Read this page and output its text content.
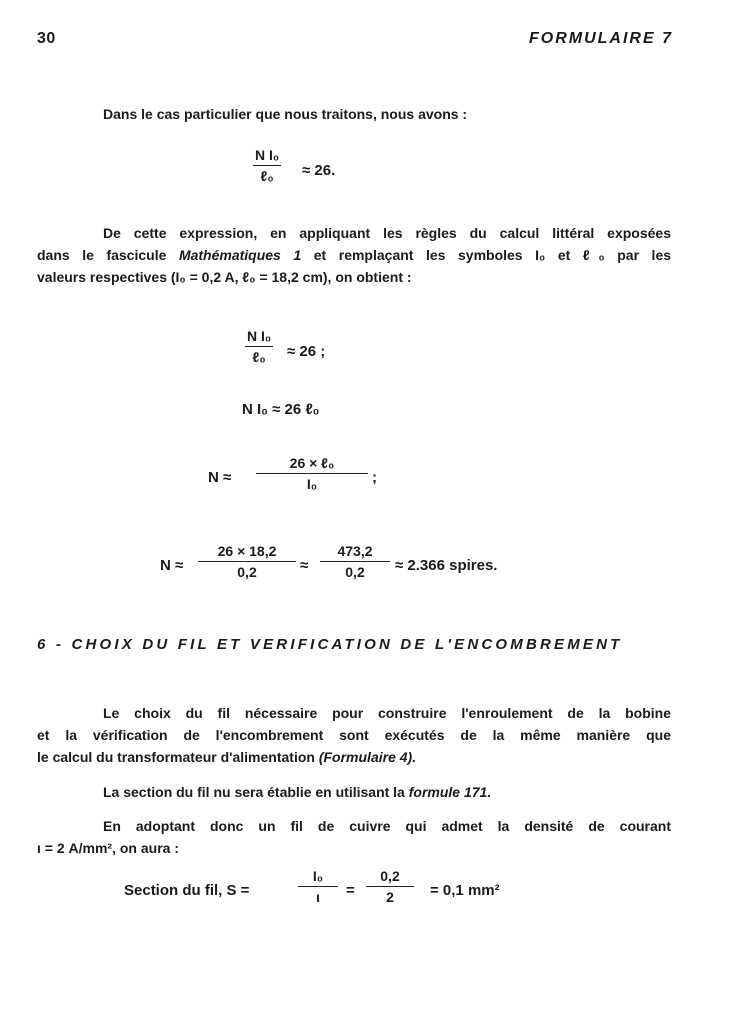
30	FORMULAIRE 7
Dans le cas particulier que nous traitons, nous avons :
N I₀
ℓ₀ ≈ 26.
De cette expression, en appliquant les règles du calcul littéral exposées
dans le fascicule Mathématiques 1 et remplaçant les symboles I₀ et ℓ₀ par les
valeurs respectives (I₀ = 0,2 A, ℓ₀ = 18,2 cm), on obtient :
N I₀
ℓ₀ ≈ 26 ;
N I₀ ≈ 26 ℓ₀
N ≈
26 × ℓ₀
I₀	;
$N \approx \frac{26 \times 18,2}{0,2} \approx \frac{473,2}{0,2} \approx 2.366$ spires.
6 - CHOIX DU FIL ET VERIFICATION DE L'ENCOMBREMENT
Le choix du fil nécessaire pour construire l'enroulement de la bobine
et la vérification de l'encombrement sont exécutés de la même manière que
le calcul du transformateur d'alimentation (Formulaire 4).
La section du fil nu sera établie en utilisant la formule 171.
En adoptant donc un fil de cuivre qui admet la densité de courant
ι = 2 A/mm², on aura :
Section du fil, S =	$\frac{\text{I₀}}{\iota} = \frac{0,2}{2} = 0,1$ mm²
